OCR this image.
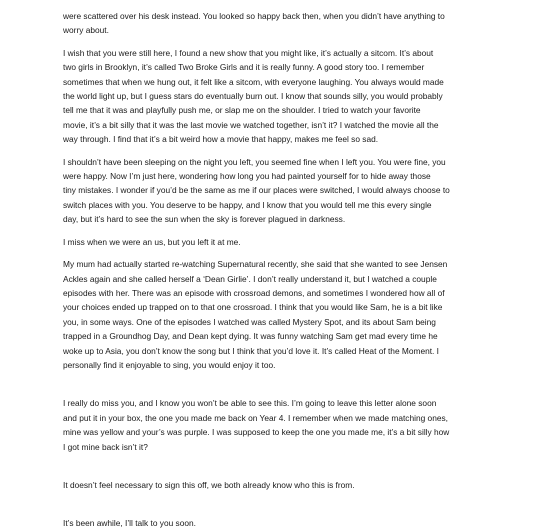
were scattered over his desk instead. You looked so happy back then, when you didn’t have anything to
worry about.

I wish that you were still here, I found a new show that you might like, it’s actually a sitcom. It’s about
two girls in Brooklyn, it’s called Two Broke Girls and it is really funny. A good story too. I remember
sometimes that when we hung out, it felt like a sitcom, with everyone laughing. You always would made
the world light up, but I guess stars do eventually burn out. I know that sounds silly, you would probably
tell me that it was and playfully push me, or slap me on the shoulder. I tried to watch your favorite
movie, it’s a bit silly that it was the last movie we watched together, isn’t it? I watched the movie all the
way through. I find that it’s a bit weird how a movie that happy, makes me feel so sad.

I shouldn’t have been sleeping on the night you left, you seemed fine when I left you. You were fine, you
were happy. Now I’m just here, wondering how long you had painted yourself for to hide away those
tiny mistakes. I wonder if you’d be the same as me if our places were switched, I would always choose to
switch places with you. You deserve to be happy, and I know that you would tell me this every single
day, but it’s hard to see the sun when the sky is forever plagued in darkness.

I miss when we were an us, but you left it at me.

My mum had actually started re-watching Supernatural recently, she said that she wanted to see Jensen
Ackles again and she called herself a ‘Dean Girlie’. I don’t really understand it, but I watched a couple
episodes with her. There was an episode with crossroad demons, and sometimes I wondered how all of
your choices ended up trapped on to that one crossroad. I think that you would like Sam, he is a bit like
you, in some ways. One of the episodes I watched was called Mystery Spot, and its about Sam being
trapped in a Groundhog Day, and Dean kept dying. It was funny watching Sam get mad every time he
woke up to Asia, you don’t know the song but I think that you’d love it. It’s called Heat of the Moment. I
personally find it enjoyable to sing, you would enjoy it too.

I really do miss you, and I know you won’t be able to see this. I’m going to leave this letter alone soon
and put it in your box, the one you made me back on Year 4. I remember when we made matching ones,
mine was yellow and your’s was purple. I was supposed to keep the one you made me, it’s a bit silly how
I got mine back isn’t it?

It doesn’t feel necessary to sign this off, we both already know who this is from.

It’s been awhile, I’ll talk to you soon.
